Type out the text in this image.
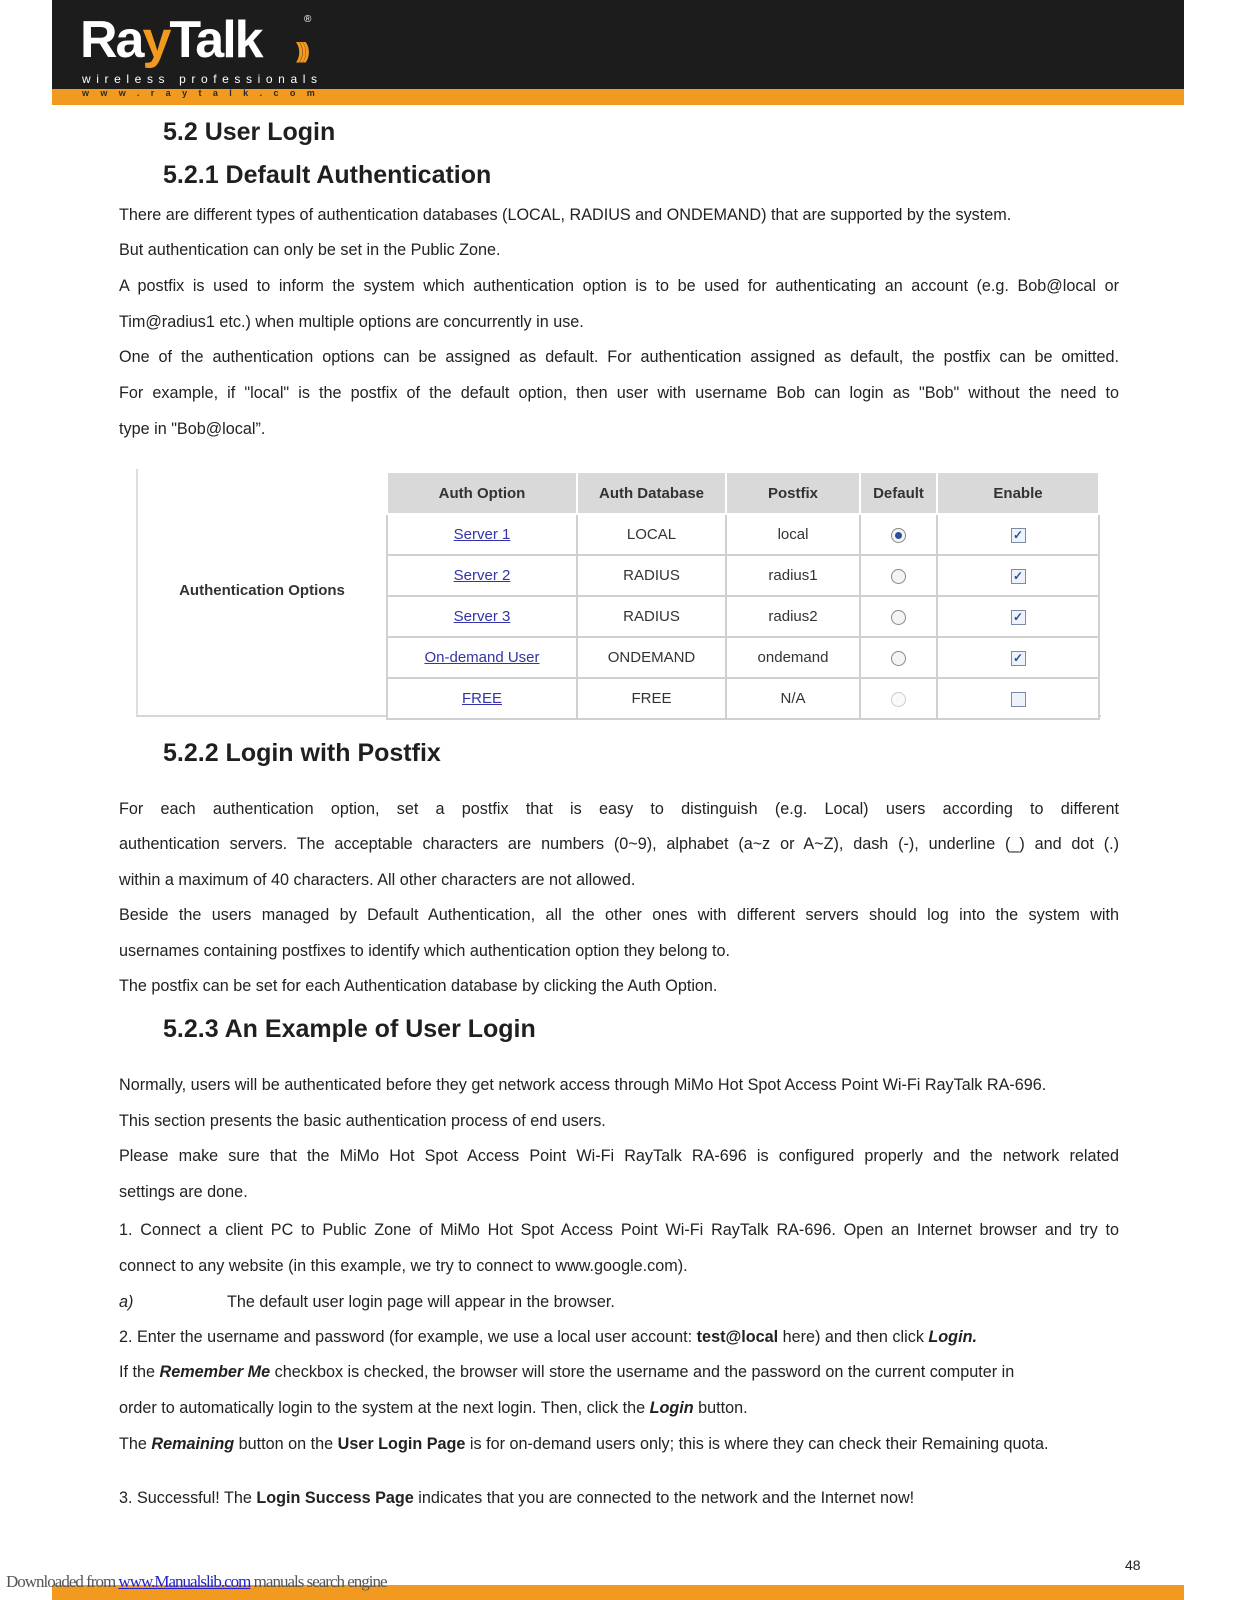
RayTalk )))
®
wireless professionals
www.raytalk.com
5.2 User Login
5.2.1 Default Authentication
There are different types of authentication databases (LOCAL, RADIUS and ONDEMAND) that are supported by the system.
But authentication can only be set in the Public Zone.
A postfix is used to inform the system which authentication option is to be used for authenticating an account (e.g. Bob@local or
Tim@radius1 etc.) when multiple options are concurrently in use.
One of the authentication options can be assigned as default. For authentication assigned as default, the postfix can be omitted.
For example, if "local" is the postfix of the default option, then user with username Bob can login as "Bob" without the need to
type in "Bob@local”.
Authentication Options
Auth Option	Auth Database	Postfix	Default	Enable
Server 1	LOCAL	local		✓
Server 2	RADIUS	radius1		✓
Server 3	RADIUS	radius2		✓
On-demand User	ONDEMAND	ondemand		✓
FREE	FREE	N/A		
5.2.2 Login with Postfix
For each authentication option, set a postfix that is easy to distinguish (e.g. Local) users according to different
authentication servers. The acceptable characters are numbers (0~9), alphabet (a~z or A~Z), dash (-), underline (_) and dot (.)
within a maximum of 40 characters. All other characters are not allowed.
Beside the users managed by Default Authentication, all the other ones with different servers should log into the system with
usernames containing postfixes to identify which authentication option they belong to.
The postfix can be set for each Authentication database by clicking the Auth Option.
5.2.3 An Example of User Login
Normally, users will be authenticated before they get network access through MiMo Hot Spot Access Point Wi-Fi RayTalk RA-696.
This section presents the basic authentication process of end users.
Please make sure that the MiMo Hot Spot Access Point Wi-Fi RayTalk RA-696 is configured properly and the network related
settings are done.
1. Connect a client PC to Public Zone of MiMo Hot Spot Access Point Wi-Fi RayTalk RA-696. Open an Internet browser and try to
connect to any website (in this example, we try to connect to www.google.com).
a)	The default user login page will appear in the browser.
2. Enter the username and password (for example, we use a local user account: test@local here) and then click Login.
If the Remember Me checkbox is checked, the browser will store the username and the password on the current computer in
order to automatically login to the system at the next login. Then, click the Login button.
The Remaining button on the User Login Page is for on-demand users only; this is where they can check their Remaining quota.
3. Successful! The Login Success Page indicates that you are connected to the network and the Internet now!
48
Downloaded from www.Manualslib.com manuals search engine
